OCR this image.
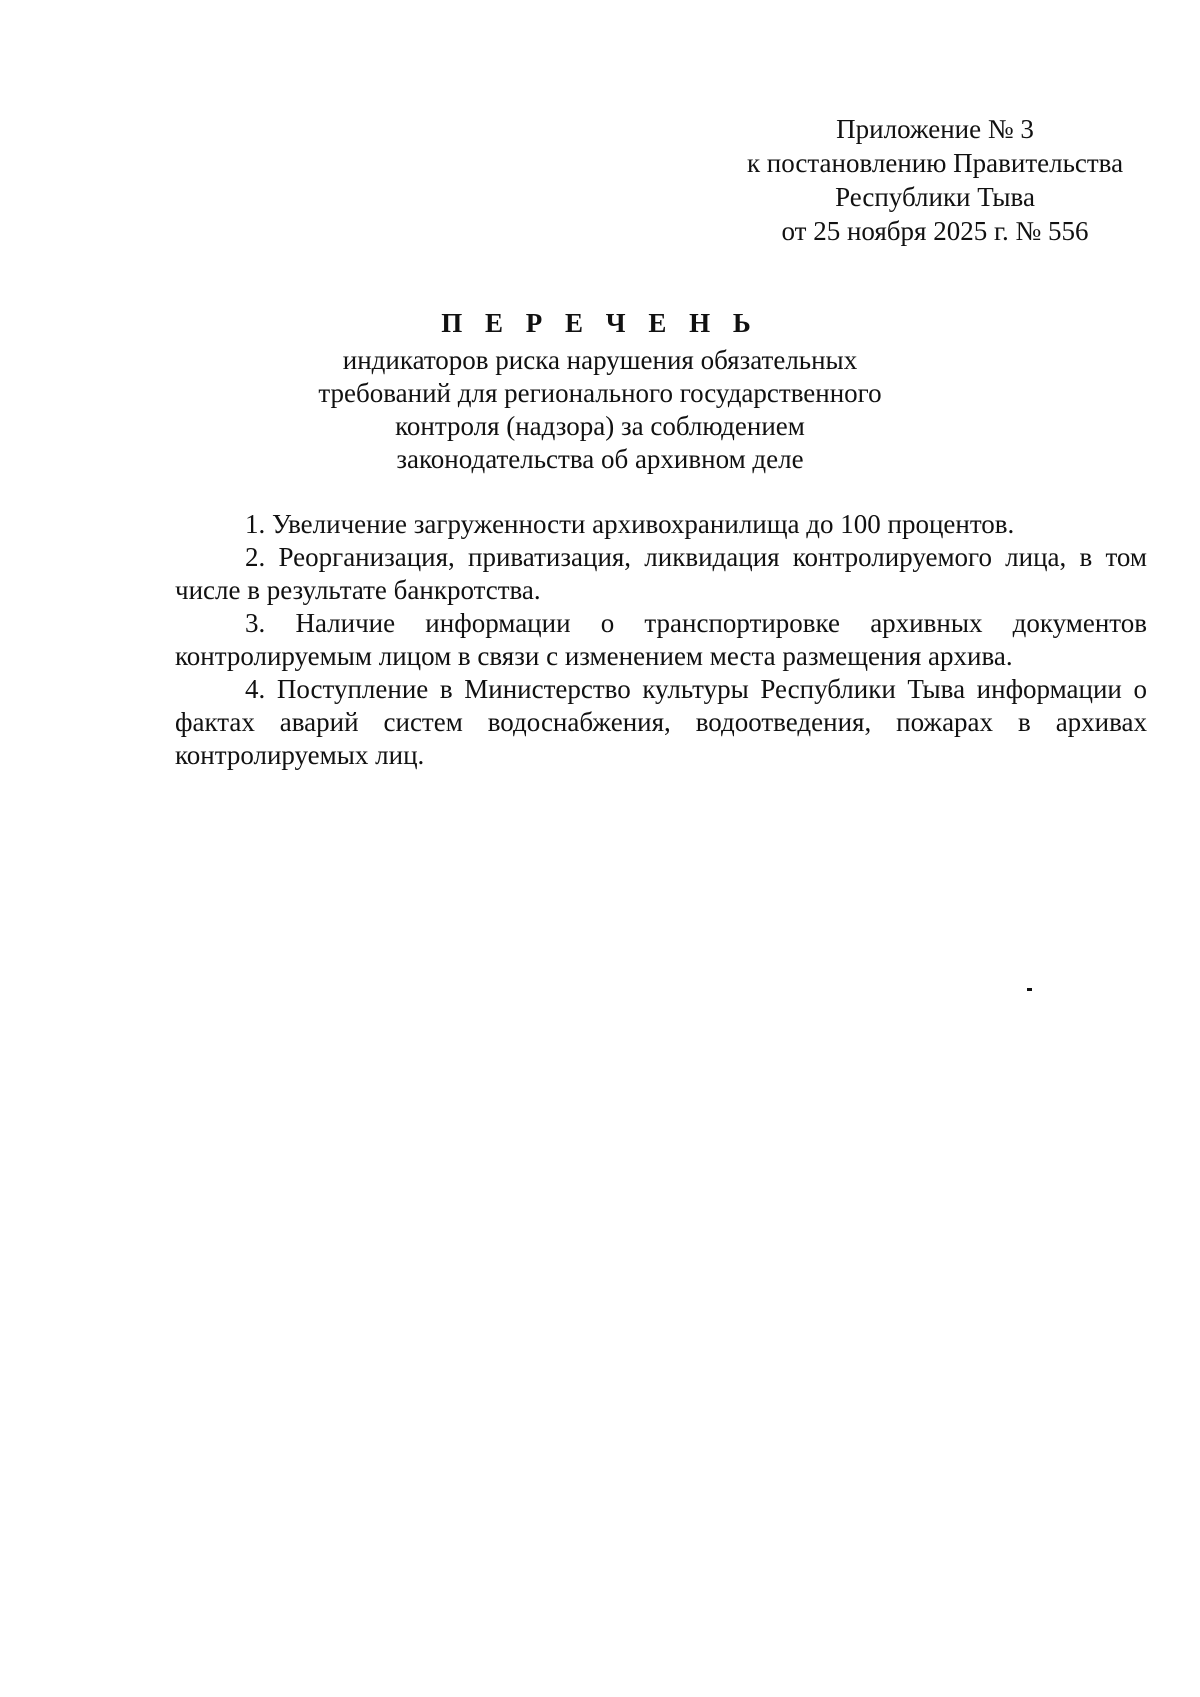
Приложение № 3
к постановлению Правительства
Республики Тыва
от 25 ноября 2025 г. № 556
П Е Р Е Ч Е Н Ь
индикаторов риска нарушения обязательных
требований для регионального государственного
контроля (надзора) за соблюдением
законодательства об архивном деле

1. Увеличение загруженности архивохранилища до 100 процентов.

2. Реорганизация, приватизация, ликвидация контролируемого лица, в том числе в результате банкротства.

3. Наличие информации о транспортировке архивных документов контролируемым лицом в связи с изменением места размещения архива.

4. Поступление в Министерство культуры Республики Тыва информации о фактах аварий систем водоснабжения, водоотведения, пожарах в архивах контролируемых лиц.
